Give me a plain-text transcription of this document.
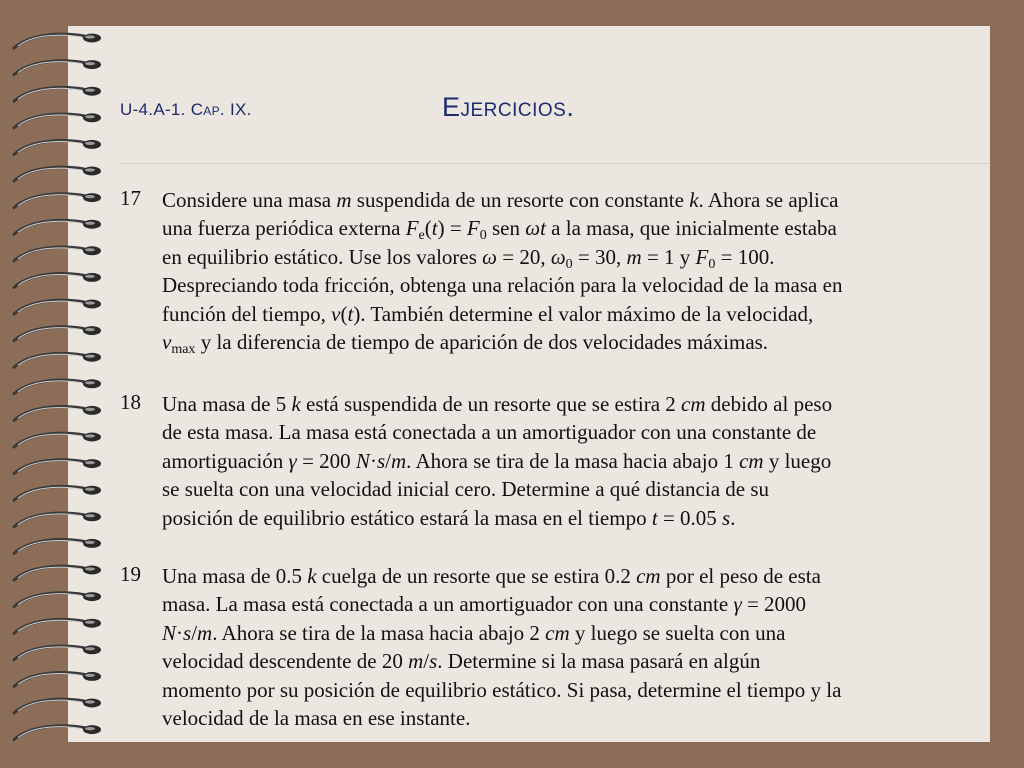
U-4.A-1. Cap. IX.	Ejercicios.
17 Considere una masa m suspendida de un resorte con constante k. Ahora se aplica
una fuerza periódica externa $F_e(t) = F_0$ sen ωt a la masa, que inicialmente estaba
en equilibrio estático. Use los valores ω = 20, $\omega_0 = 30$, m = 1 y $F_0 = 100$.
Despreciando toda fricción, obtenga una relación para la velocidad de la masa en
función del tiempo, v(t). También determine el valor máximo de la velocidad,
$v_{max}$ y la diferencia de tiempo de aparición de dos velocidades máximas.
18 Una masa de 5 k está suspendida de un resorte que se estira 2 cm debido al peso
de esta masa. La masa está conectada a un amortiguador con una constante de
amortiguación γ = 200 N·s/m. Ahora se tira de la masa hacia abajo 1 cm y luego
se suelta con una velocidad inicial cero. Determine a qué distancia de su
posición de equilibrio estático estará la masa en el tiempo t = 0.05 s.
19 Una masa de 0.5 k cuelga de un resorte que se estira 0.2 cm por el peso de esta
masa. La masa está conectada a un amortiguador con una constante γ = 2000
N·s/m. Ahora se tira de la masa hacia abajo 2 cm y luego se suelta con una
velocidad descendente de 20 m/s. Determine si la masa pasará en algún
momento por su posición de equilibrio estático. Si pasa, determine el tiempo y la
velocidad de la masa en ese instante.
